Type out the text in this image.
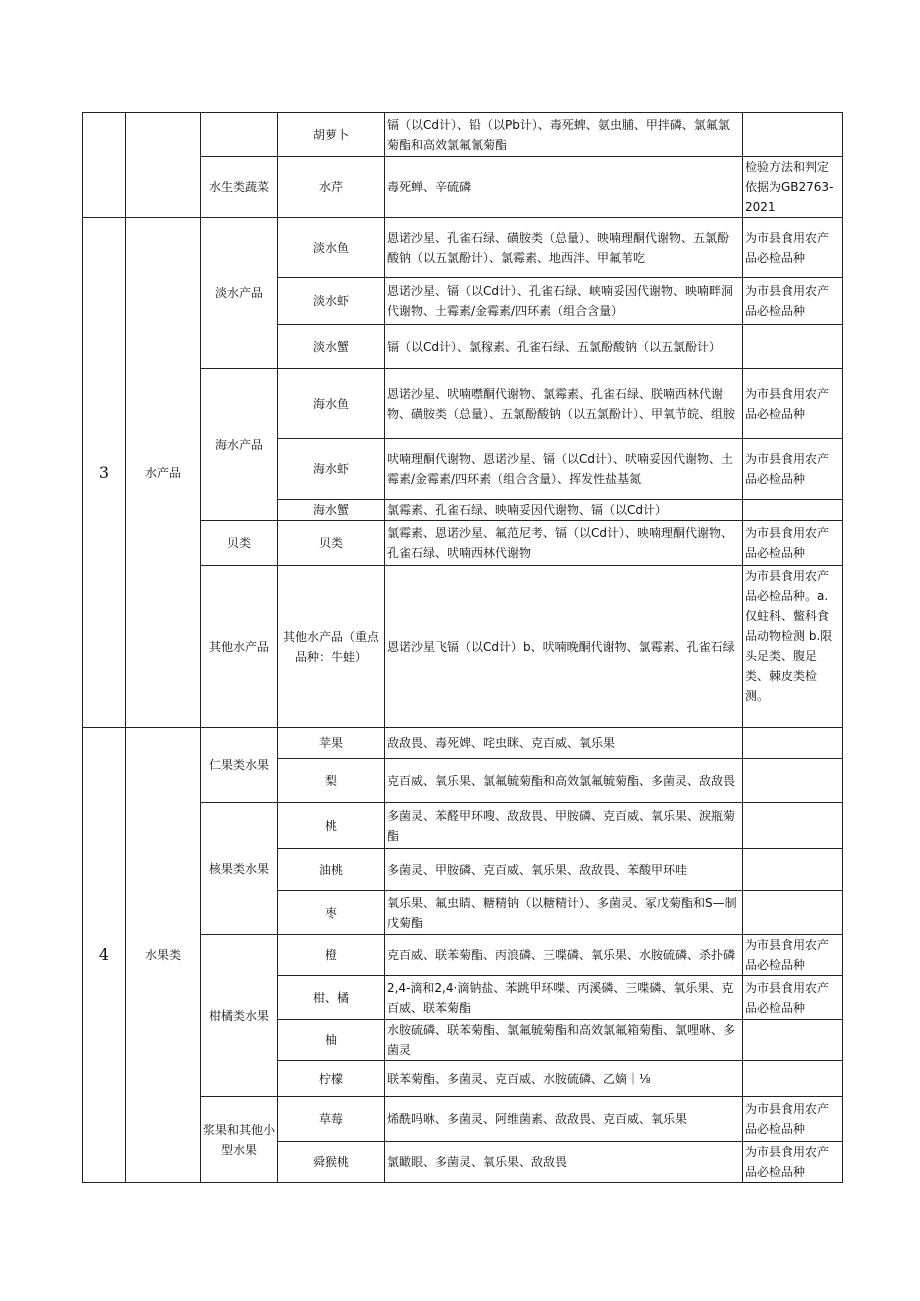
			胡萝卜	镉（以Cd计）、铅（以Pb计）、毒死蜱、氨虫脯、甲拌磷、氯氟氯菊酯和高效氯氟氰菊酯	
		水生类蔬菜	水芹	毒死蝉、辛硫磷	检验方法和判定依据为GB2763-2021
3	水产品	淡水产品	淡水鱼	恩诺沙星、孔雀石绿、磺胺类（总量）、映喃理酮代谢物、五氯酚酸钠（以五氯酚计）、氯霉素、地西泮、甲氟苇吃	为市县食用农产品必检品种
			淡水虾	恩诺沙星、镉（以Cd计）、孔雀石绿、峡喃妥因代谢物、映喃畔洞代谢物、土霉素/金霉素/四环素（组合含量）	为市县食用农产品必检品种
			淡水蟹	镉（以Cd计）、氯稼素、孔雀石绿、五氯酚酸钠（以五氯酚计）	
		海水产品	海水鱼	恩诺沙星、吠喃噤酮代谢物、氯霉素、孔雀石绿、朕喃西林代谢物、磺胺类（总量）、五氯酚酸钠（以五氯酚计）、甲氧节皖、组胺	为市县食用农产品必检品种
			海水虾	吠喃理酮代谢物、恩诺沙星、镉（以Cd计）、吠喃妥因代谢物、土霉素/金霉素/四环素（组合含量）、挥发性盐基氮	为市县食用农产品必检品种
			海水蟹	氯霉素、孔雀石绿、映喃妥因代谢物、镉（以Cd计）	
		贝类	贝类	氯霉素、恩诺沙星、氟范尼考、镉（以Cd计）、映喃理酮代谢物、孔雀石绿、吠喃西林代谢物	为市县食用农产品必检品种
		其他水产品	其他水产品（重点品种：牛蛙）	恩诺沙星飞镉（以Cd计）b、吠喃晚酮代谢物、氯霉素、孔雀石绿	为市县食用农产品必检品种。a.仅蛀科、鳖科食品动物检测 b.限头足类、腹足类、棘皮类检测。
4	水果类	仁果类水果	苹果	敌敌畏、毒死婢、咤虫眯、克百威、氧乐果	
			梨	克百威、氧乐果、氯氟毓菊酯和高效氯氟毓菊酯、多菌灵、敌敌畏	
		核果类水果	桃	多菌灵、苯醛甲环嗖、敌敌畏、甲胺磷、克百威、氧乐果、淚瓶菊酯	
			油桃	多菌灵、甲胺磷、克百威、氧乐果、敌敌畏、苯酸甲环哇	
			枣	氧乐果、氟虫睛、糖精钠（以糖精计）、多菌灵、冢戊菊酯和S—制戊菊酯	
		柑橘类水果	橙	克百威、联苯菊酯、丙浪磷、三喋磷、氧乐果、水胺硫磷、杀扑磷	为市县食用农产品必检品种
			柑、橘	2,4-滴和2,4·滴钠盐、苯跳甲环喋、丙溪磷、三喋磷、氧乐果、克百威、联苯菊酯	为市县食用农产品必检品种
			柚	水胺硫磷、联苯菊酯、氯氟毓菊酯和高效氯氟箱菊酯、氯哩咻、多菌灵	
			柠檬	联苯菊酯、多菌灵、克百威、水胺硫磷、乙嫡｜⅛	
		浆果和其他小型水果	草莓	烯酰吗咻、多菌灵、阿维菌素、敌敌畏、克百威、氧乐果	为市县食用农产品必检品种
			舜猴桃	氯瞰眼、多菌灵、氧乐果、敌敌畏	为市县食用农产品必检品种
